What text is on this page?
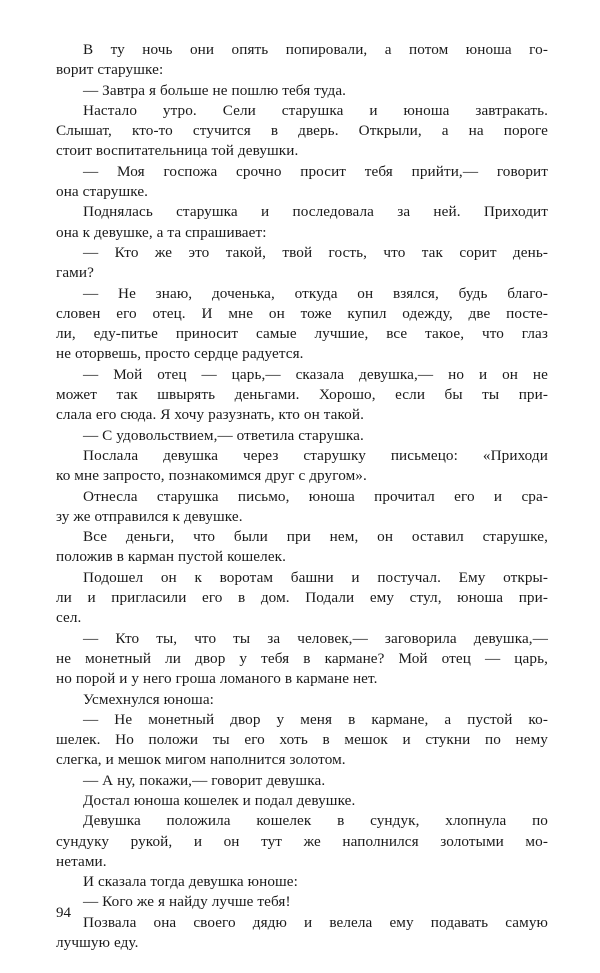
В ту ночь они опять попировали, а потом юноша го-
ворит старушке:
— Завтра я больше не пошлю тебя туда.
Настало утро. Сели старушка и юноша завтракать.
Слышат, кто-то стучится в дверь. Открыли, а на пороге
стоит воспитательница той девушки.
— Моя госпожа срочно просит тебя прийти,— говорит
она старушке.
Поднялась старушка и последовала за ней. Приходит
она к девушке, а та спрашивает:
— Кто же это такой, твой гость, что так сорит день-
гами?
— Не знаю, доченька, откуда он взялся, будь благо-
словен его отец. И мне он тоже купил одежду, две посте-
ли, еду-питье приносит самые лучшие, все такое, что глаз
не оторвешь, просто сердце радуется.
— Мой отец — царь,— сказала девушка,— но и он не
может так швырять деньгами. Хорошо, если бы ты при-
слала его сюда. Я хочу разузнать, кто он такой.
— С удовольствием,— ответила старушка.
Послала девушка через старушку письмецо: «Приходи
ко мне запросто, познакомимся друг с другом».
Отнесла старушка письмо, юноша прочитал его и сра-
зу же отправился к девушке.
Все деньги, что были при нем, он оставил старушке,
положив в карман пустой кошелек.
Подошел он к воротам башни и постучал. Ему откры-
ли и пригласили его в дом. Подали ему стул, юноша при-
сел.
— Кто ты, что ты за человек,— заговорила девушка,—
не монетный ли двор у тебя в кармане? Мой отец — царь,
но порой и у него гроша ломаного в кармане нет.
Усмехнулся юноша:
— Не монетный двор у меня в кармане, а пустой ко-
шелек. Но положи ты его хоть в мешок и стукни по нему
слегка, и мешок мигом наполнится золотом.
— А ну, покажи,— говорит девушка.
Достал юноша кошелек и подал девушке.
Девушка положила кошелек в сундук, хлопнула по
сундуку рукой, и он тут же наполнился золотыми мо-
нетами.
И сказала тогда девушка юноше:
— Кого же я найду лучше тебя!
Позвала она своего дядю и велела ему подавать самую
лучшую еду.
94
